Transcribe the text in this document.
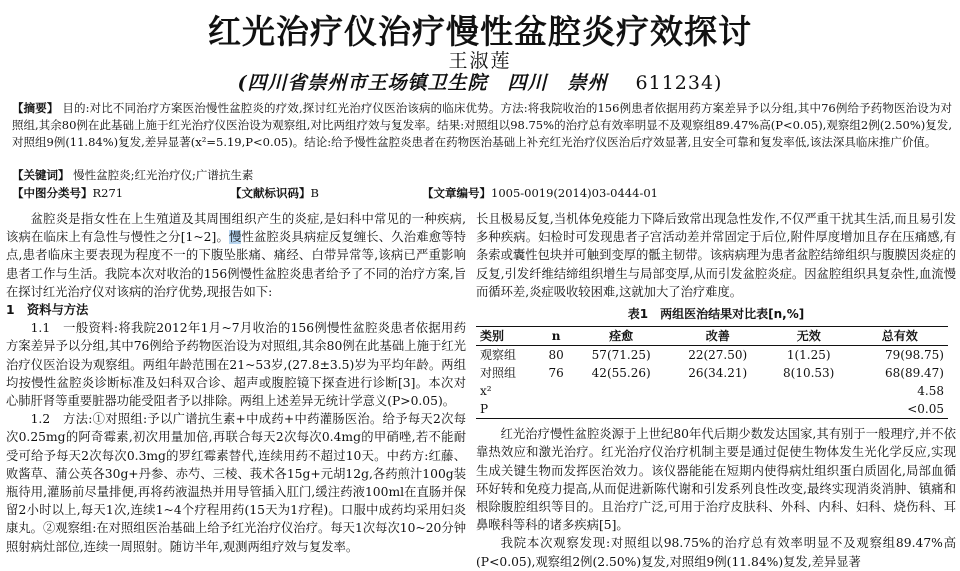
红光治疗仪治疗慢性盆腔炎疗效探讨
王淑莲
(四川省崇州市王场镇卫生院　四川　崇州 611234)
【摘要】 目的:对比不同治疗方案医治慢性盆腔炎的疗效,探讨红光治疗仪医治该病的临床优势。方法:将我院收治的156例患者依据用药方案差异予以分组,其中76例给予药物医治设为对照组,其余80例在此基础上施于红光治疗仪医治设为观察组,对比两组疗效与复发率。结果:对照组以98.75%的治疗总有效率明显不及观察组89.47%高(P<0.05),观察组2例(2.50%)复发,对照组9例(11.84%)复发,差异显著(x²=5.19,P<0.05)。结论:给予慢性盆腔炎患者在药物医治基础上补充红光治疗仪医治后疗效显著,且安全可靠和复发率低,该法深具临床推广价值。
【关键词】 慢性盆腔炎;红光治疗仪;广谱抗生素
【中图分类号】R271	【文献标识码】B	【文章编号】1005-0019(2014)03-0444-01

盆腔炎是指女性在上生殖道及其周围组织产生的炎症,是妇科中常见的一种疾病,该病在临床上有急性与慢性之分[1~2]。慢性盆腔炎具病症反复缠长、久治难愈等特点,患者临床主要表现为程度不一的下腹坠胀痛、痛经、白带异常等,该病已严重影响患者工作与生活。我院本次对收治的156例慢性盆腔炎患者给予了不同的治疗方案,旨在探讨红光治疗仪对该病的治疗优势,现报告如下:

1　资料与方法

1.1　一般资料:将我院2012年1月~7月收治的156例慢性盆腔炎患者依据用药方案差异予以分组,其中76例给予药物医治设为对照组,其余80例在此基础上施于红光治疗仪医治设为观察组。两组年龄范围在21~53岁,(27.8±3.5)岁为平均年龄。两组均按慢性盆腔炎诊断标准及妇科双合诊、超声或腹腔镜下探查进行诊断[3]。本次对心肺肝肾等重要脏器功能受阻者予以排除。两组上述差异无统计学意义(P>0.05)。

1.2　方法:①对照组:予以广谱抗生素+中成药+中药灌肠医治。给予每天2次每次0.25mg的阿奇霉素,初次用量加倍,再联合每天2次每次0.4mg的甲硝唑,若不能耐受可给予每天2次每次0.3mg的罗红霉素替代,连续用药不超过10天。中药方:红藤、败酱草、蒲公英各30g+丹参、赤芍、三棱、莪术各15g+元胡12g,各药煎汁100g装瓶待用,灌肠前尽量排便,再将药液温热并用导管插入肛门,缓注药液100ml在直肠并保留2小时以上,每天1次,连续1~4个疗程用药(15天为1疗程)。口服中成药均采用妇炎康丸。②观察组:在对照组医治基础上给予红光治疗仪治疗。每天1次每次10~20分钟照射病灶部位,连续一周照射。随访半年,观测两组疗效与复发率。

长且极易反复,当机体免疫能力下降后致常出现急性发作,不仅严重干扰其生活,而且易引发多种疾病。妇检时可发现患者子宫活动差并常固定于后位,附件厚度增加且存在压痛感,有条索或囊性包块并可触到变厚的骶主韧带。该病病理为患者盆腔结缔组织与腹膜因炎症的反复,引发纤维结缔组织增生与局部变厚,从而引发盆腔炎症。因盆腔组织具复杂性,血流慢而循环差,炎症吸收较困难,这就加大了治疗难度。

表1　两组医治结果对比表[n,%]
类别	n	痊愈	改善	无效	总有效
观察组	80	57(71.25)	22(27.50)	1(1.25)	79(98.75)
对照组	76	42(55.26)	26(34.21)	8(10.53)	68(89.47)
x²					4.58
P					<0.05

红光治疗慢性盆腔炎源于上世纪80年代后期少数发达国家,其有别于一般理疗,并不依靠热效应和激光治疗。红光治疗仪治疗机制主要是通过促使生物体发生光化学反应,实现生成关键生物而发挥医治效力。该仪器能能在短期内使得病灶组织蛋白质固化,局部血循环好转和免疫力提高,从而促进新陈代谢和引发系列良性改变,最终实现消炎消肿、镇痛和根除腹腔组织等目的。且治疗广泛,可用于治疗皮肤科、外科、内科、妇科、烧伤科、耳鼻喉科等科的诸多疾病[5]。

我院本次观察发现:对照组以98.75%的治疗总有效率明显不及观察组89.47%高(P<0.05),观察组2例(2.50%)复发,对照组9例(11.84%)复发,差异显著
